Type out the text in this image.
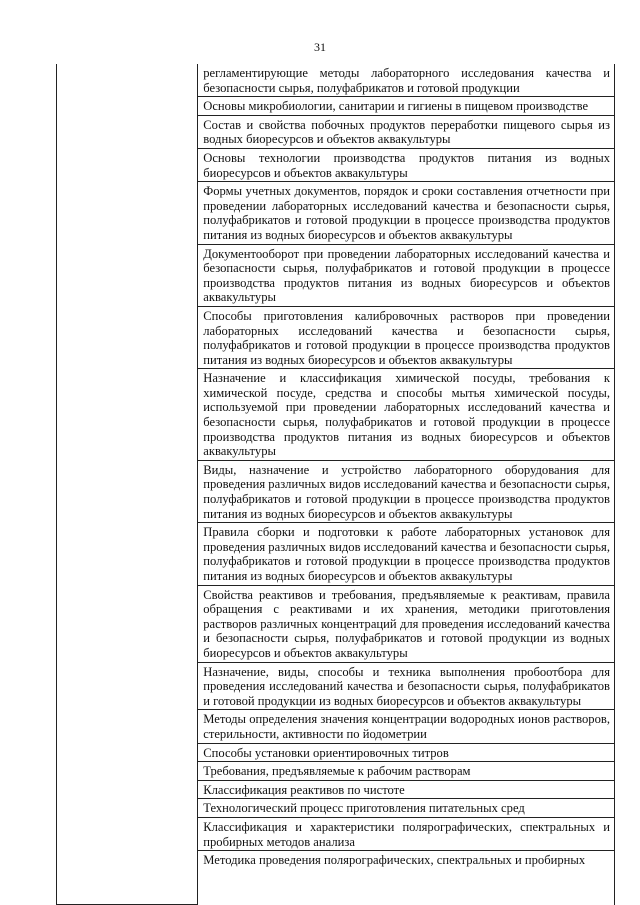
31

регламентирующие методы лабораторного исследования качества и безопасности сырья, полуфабрикатов и готовой продукции

Основы микробиологии, санитарии и гигиены в пищевом производстве

Состав и свойства побочных продуктов переработки пищевого сырья из водных биоресурсов и объектов аквакультуры

Основы технологии производства продуктов питания из водных биоресурсов и объектов аквакультуры

Формы учетных документов, порядок и сроки составления отчетности при проведении лабораторных исследований качества и безопасности сырья, полуфабрикатов и готовой продукции в процессе производства продуктов питания из водных биоресурсов и объектов аквакультуры

Документооборот при проведении лабораторных исследований качества и безопасности сырья, полуфабрикатов и готовой продукции в процессе производства продуктов питания из водных биоресурсов и объектов аквакультуры

Способы приготовления калибровочных растворов при проведении лабораторных исследований качества и безопасности сырья, полуфабрикатов и готовой продукции в процессе производства продуктов питания из водных биоресурсов и объектов аквакультуры

Назначение и классификация химической посуды, требования к химической посуде, средства и способы мытья химической посуды, используемой при проведении лабораторных исследований качества и безопасности сырья, полуфабрикатов и готовой продукции в процессе производства продуктов питания из водных биоресурсов и объектов аквакультуры

Виды, назначение и устройство лабораторного оборудования для проведения различных видов исследований качества и безопасности сырья, полуфабрикатов и готовой продукции в процессе производства продуктов питания из водных биоресурсов и объектов аквакультуры

Правила сборки и подготовки к работе лабораторных установок для проведения различных видов исследований качества и безопасности сырья, полуфабрикатов и готовой продукции в процессе производства продуктов питания из водных биоресурсов и объектов аквакультуры

Свойства реактивов и требования, предъявляемые к реактивам, правила обращения с реактивами и их хранения, методики приготовления растворов различных концентраций для проведения исследований качества и безопасности сырья, полуфабрикатов и готовой продукции из водных биоресурсов и объектов аквакультуры

Назначение, виды, способы и техника выполнения пробоотбора для проведения исследований качества и безопасности сырья, полуфабрикатов и готовой продукции из водных биоресурсов и объектов аквакультуры

Методы определения значения концентрации водородных ионов растворов, стерильности, активности по йодометрии

Способы установки ориентировочных титров

Требования, предъявляемые к рабочим растворам

Классификация реактивов по чистоте

Технологический процесс приготовления питательных сред

Классификация и характеристики полярографических, спектральных и пробирных методов анализа

Методика проведения полярографических, спектральных и пробирных
